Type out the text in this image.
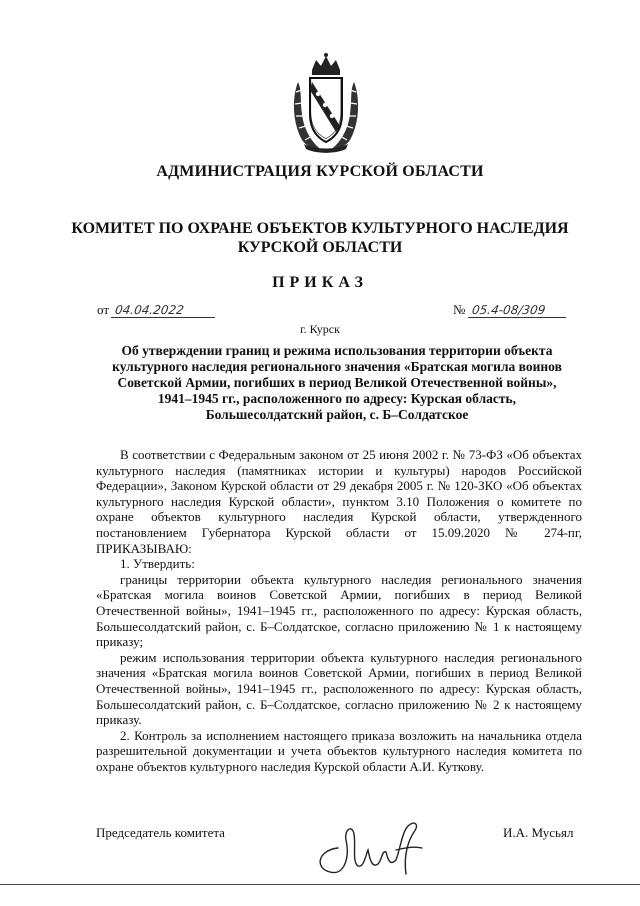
АДМИНИСТРАЦИЯ КУРСКОЙ ОБЛАСТИ
КОМИТЕТ ПО ОХРАНЕ ОБЪЕКТОВ КУЛЬТУРНОГО НАСЛЕДИЯ
КУРСКОЙ ОБЛАСТИ
ПРИКАЗ
от 04.04.2022	№ 05.4-08/309
г. Курск
Об утверждении границ и режима использования территории объекта культурного наследия регионального значения «Братская могила воинов Советской Армии, погибших в период Великой Отечественной войны», 1941–1945 гг., расположенного по адресу: Курская область, Большесолдатский район, с. Б–Солдатское

В соответствии с Федеральным законом от 25 июня 2002 г. № 73-ФЗ «Об объектах культурного наследия (памятниках истории и культуры) народов Российской Федерации», Законом Курской области от 29 декабря 2005 г. № 120-ЗКО «Об объектах культурного наследия Курской области», пунктом 3.10 Положения о комитете по охране объектов культурного наследия Курской области, утвержденного постановлением Губернатора Курской области от 15.09.2020 № 274-пг, ПРИКАЗЫВАЮ:

1. Утвердить:

границы территории объекта культурного наследия регионального значения «Братская могила воинов Советской Армии, погибших в период Великой Отечественной войны», 1941–1945 гг., расположенного по адресу: Курская область, Большесолдатский район, с. Б–Солдатское, согласно приложению № 1 к настоящему приказу;

режим использования территории объекта культурного наследия регионального значения «Братская могила воинов Советской Армии, погибших в период Великой Отечественной войны», 1941–1945 гг., расположенного по адресу: Курская область, Большесолдатский район, с. Б–Солдатское, согласно приложению № 2 к настоящему приказу.

2. Контроль за исполнением настоящего приказа возложить на начальника отдела разрешительной документации и учета объектов культурного наследия комитета по охране объектов культурного наследия Курской области А.И. Куткову.

Председатель комитета	И.А. Мусьял
